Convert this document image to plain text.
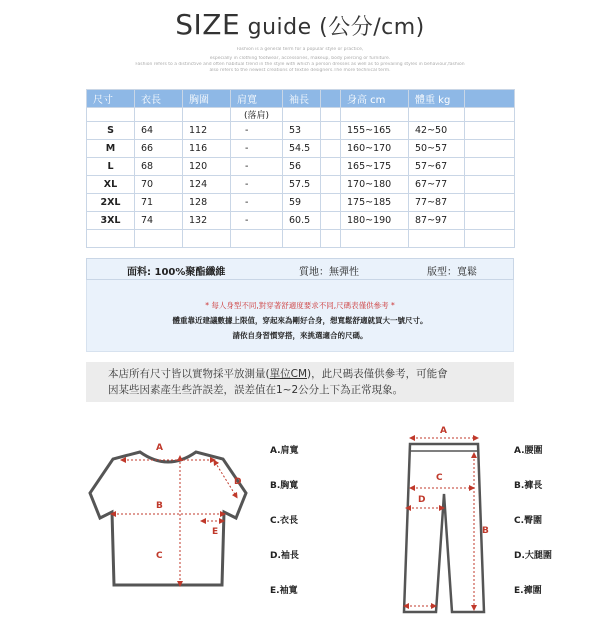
SIZE guide (公分/cm)
Fashion is a general term for a popular style or practice,
especially in clothing footwear, accessories, makeup, body piercing or furniture.
Fashion refers to a distinctive and often habitual trend in the style with which a person dresses as well as to prevailing styles in behaviour,fashion
also refers to the newest creations of textile designers.The more technical term.
尺寸	衣長	胸圍	肩寬	袖長		身高 cm	體重 kg	
			(落肩)					
S	64	112	-	53		155~165	42~50	
M	66	116	-	54.5		160~170	50~57	
L	68	120	-	56		165~175	57~67	
XL	70	124	-	57.5		170~180	67~77	
2XL	71	128	-	59		175~185	77~87	
3XL	74	132	-	60.5		180~190	87~97	

面料: 100%聚酯纖維	質地：無彈性	版型：寬鬆
* 每人身型不同,對穿著舒適度要求不同,尺碼表僅供參考 *
體重靠近建議數據上限值，穿起來為剛好合身，想寬鬆舒適就買大一號尺寸。
請依自身習慣穿搭，來挑選適合的尺碼。
本店所有尺寸皆以實物採平放測量(單位CM)，此尺碼表僅供參考，可能會
因某些因素產生些許誤差，誤差值在1~2公分上下為正常現象。
A
B
C
D
E
A.肩寬
B.胸寬
C.衣長
D.袖長
E.袖寬
A
B
C
D
A.腰圍
B.褲長
C.臀圍
D.大腿圍
E.褲圍
